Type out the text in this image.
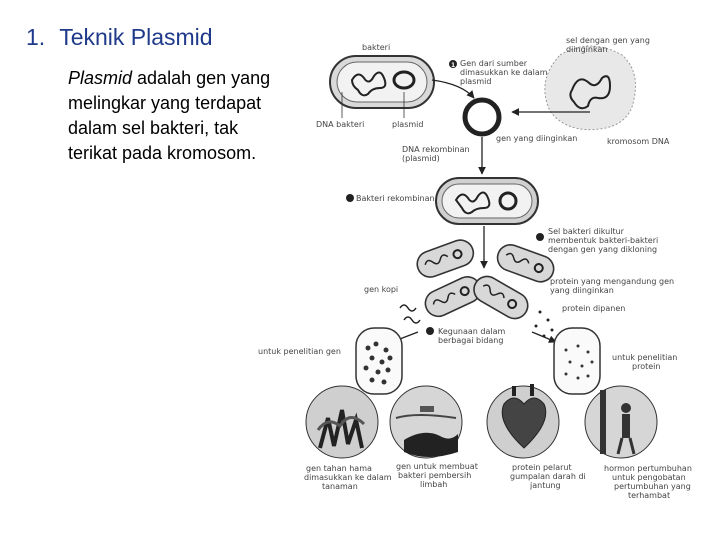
1. Teknik Plasmid
Plasmid adalah gen yang melingkar yang terdapat dalam sel bakteri, tak terikat pada kromosom.
bakteri
DNA bakteri	plasmid
sel dengan gen yang
diinginkan
kromosom DNA
1 Gen dari sumber
dimasukkan ke dalam
plasmid
gen yang diinginkan
DNA rekombinan
(plasmid)
Bakteri rekombinan
Sel bakteri dikultur
membentuk bakteri-bakteri
dengan gen yang dikloning
gen kopi
protein yang mengandung gen
yang diinginkan
protein dipanen
Kegunaan dalam
berbagai bidang
untuk penelitian gen
untuk penelitian
protein
gen tahan hama
dimasukkan ke dalam
tanaman
gen untuk membuat
bakteri pembersih
limbah
protein pelarut
gumpalan darah di
jantung
hormon pertumbuhan
untuk pengobatan
pertumbuhan yang
terhambat
